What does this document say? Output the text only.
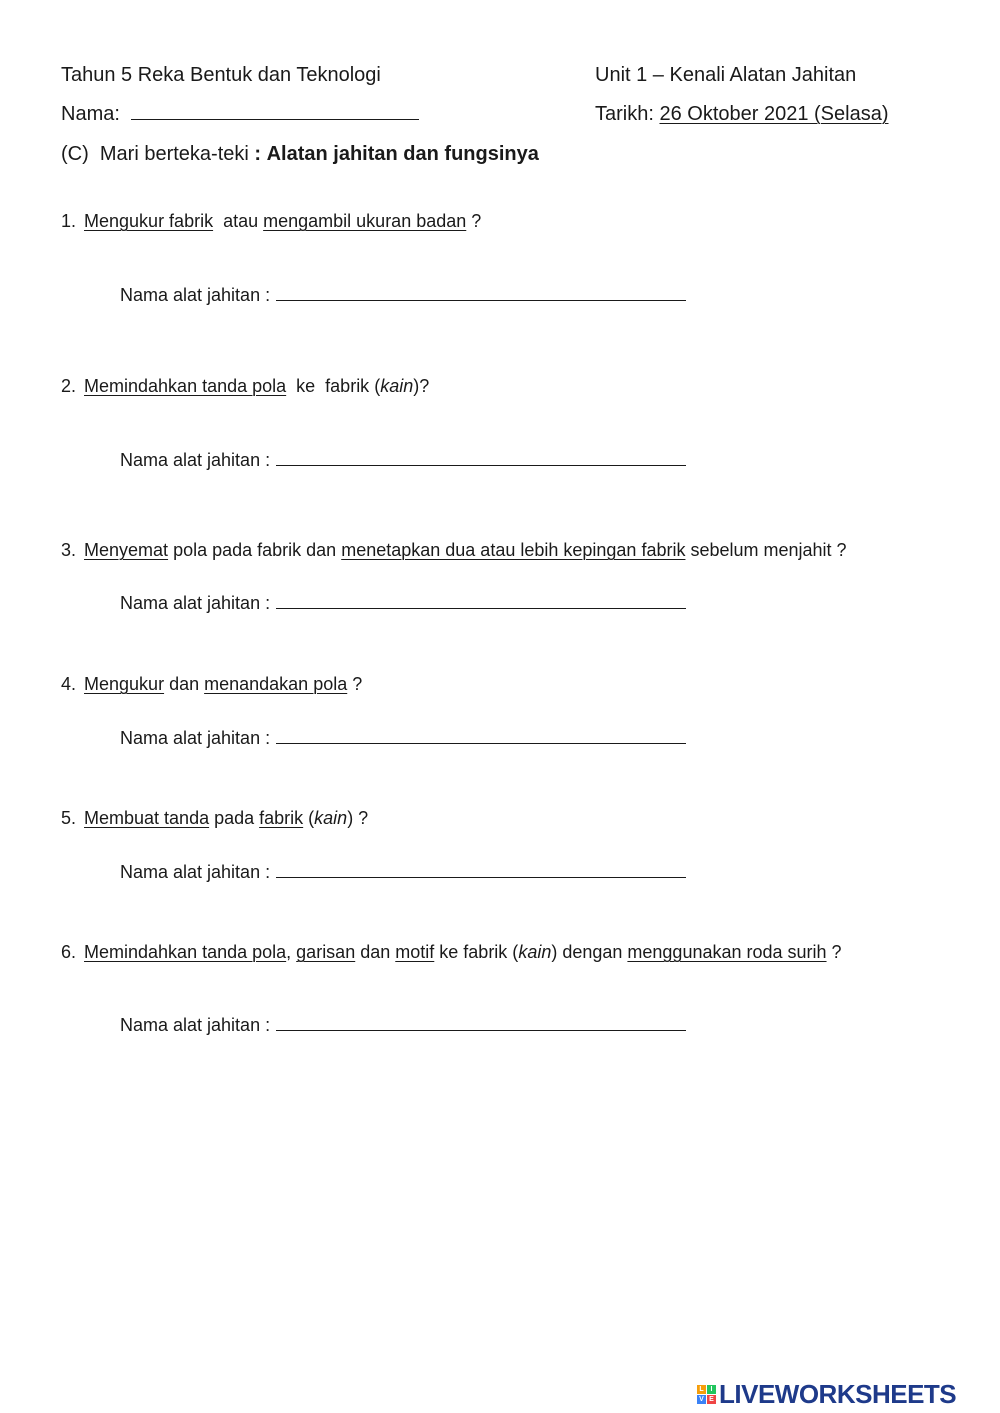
Tahun 5 Reka Bentuk dan Teknologi	Unit 1 – Kenali Alatan Jahitan
Nama:	Tarikh: 26 Oktober 2021 (Selasa)
(C) Mari berteka-teki : Alatan jahitan dan fungsinya
1. Mengukur fabrik  atau mengambil ukuran badan ?
Nama alat jahitan :
2. Memindahkan tanda pola  ke  fabrik (kain)?
Nama alat jahitan :
3. Menyemat pola pada fabrik dan menetapkan dua atau lebih kepingan fabrik sebelum menjahit ?
Nama alat jahitan :
4. Mengukur dan menandakan pola ?
Nama alat jahitan :
5. Membuat tanda pada fabrik (kain) ?
Nama alat jahitan :
6. Memindahkan tanda pola, garisan dan motif ke fabrik (kain) dengan menggunakan roda surih ?
Nama alat jahitan :
L I
V E LIVEWORKSHEETS
